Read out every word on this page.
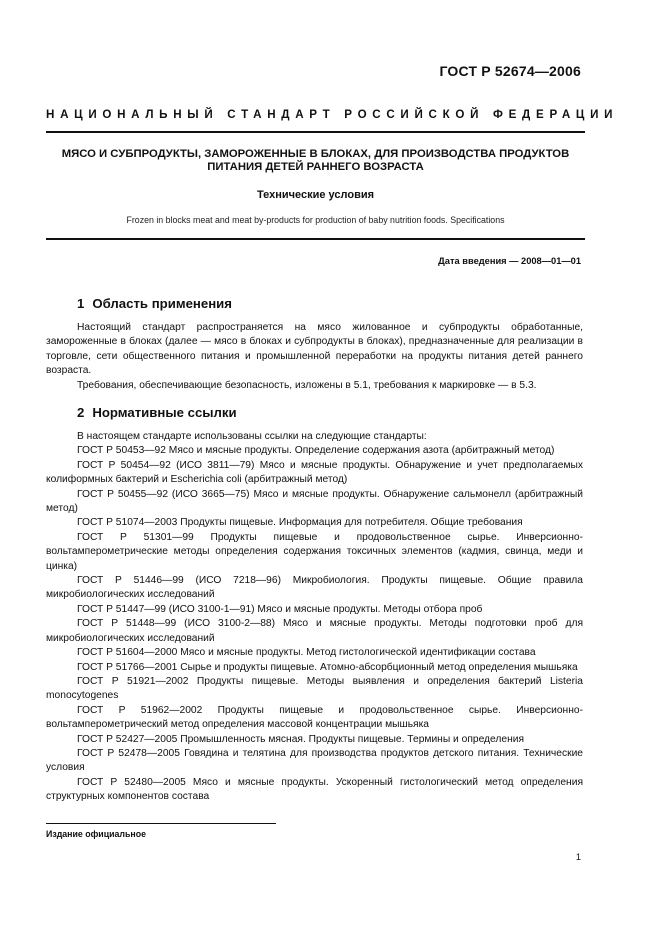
ГОСТ Р 52674—2006
НАЦИОНАЛЬНЫЙ СТАНДАРТ РОССИЙСКОЙ ФЕДЕРАЦИИ
МЯСО И СУБПРОДУКТЫ, ЗАМОРОЖЕННЫЕ В БЛОКАХ, ДЛЯ ПРОИЗВОДСТВА ПРОДУКТОВ
ПИТАНИЯ ДЕТЕЙ РАННЕГО ВОЗРАСТА
Технические условия
Frozen in blocks meat and meat by-products for production of baby nutrition foods. Specifications
Дата введения — 2008—01—01
1 Область применения

Настоящий стандарт распространяется на мясо жилованное и субпродукты обработанные, замороженные в блоках (далее — мясо в блоках и субпродукты в блоках), предназначенные для реализации в торговле, сети общественного питания и промышленной переработки на продукты питания детей раннего возраста.

Требования, обеспечивающие безопасность, изложены в 5.1, требования к маркировке — в 5.3.

2 Нормативные ссылки

В настоящем стандарте использованы ссылки на следующие стандарты:

ГОСТ Р 50453—92 Мясо и мясные продукты. Определение содержания азота (арбитражный метод)

ГОСТ Р 50454—92 (ИСО 3811—79) Мясо и мясные продукты. Обнаружение и учет предполагаемых колиформных бактерий и Escherichia coli (арбитражный метод)

ГОСТ Р 50455—92 (ИСО 3665—75) Мясо и мясные продукты. Обнаружение сальмонелл (арбитражный метод)

ГОСТ Р 51074—2003 Продукты пищевые. Информация для потребителя. Общие требования

ГОСТ Р 51301—99 Продукты пищевые и продовольственное сырье. Инверсионно-вольтамперометрические методы определения содержания токсичных элементов (кадмия, свинца, меди и цинка)

ГОСТ Р 51446—99 (ИСО 7218—96) Микробиология. Продукты пищевые. Общие правила микробиологических исследований

ГОСТ Р 51447—99 (ИСО 3100-1—91) Мясо и мясные продукты. Методы отбора проб

ГОСТ Р 51448—99 (ИСО 3100-2—88) Мясо и мясные продукты. Методы подготовки проб для микробиологических исследований

ГОСТ Р 51604—2000 Мясо и мясные продукты. Метод гистологической идентификации состава

ГОСТ Р 51766—2001 Сырье и продукты пищевые. Атомно-абсорбционный метод определения мышьяка

ГОСТ Р 51921—2002 Продукты пищевые. Методы выявления и определения бактерий Listeria monocytogenes

ГОСТ Р 51962—2002 Продукты пищевые и продовольственное сырье. Инверсионно-вольтамперометрический метод определения массовой концентрации мышьяка

ГОСТ Р 52427—2005 Промышленность мясная. Продукты пищевые. Термины и определения

ГОСТ Р 52478—2005 Говядина и телятина для производства продуктов детского питания. Технические условия

ГОСТ Р 52480—2005 Мясо и мясные продукты. Ускоренный гистологический метод определения структурных компонентов состава

Издание официальное
1
